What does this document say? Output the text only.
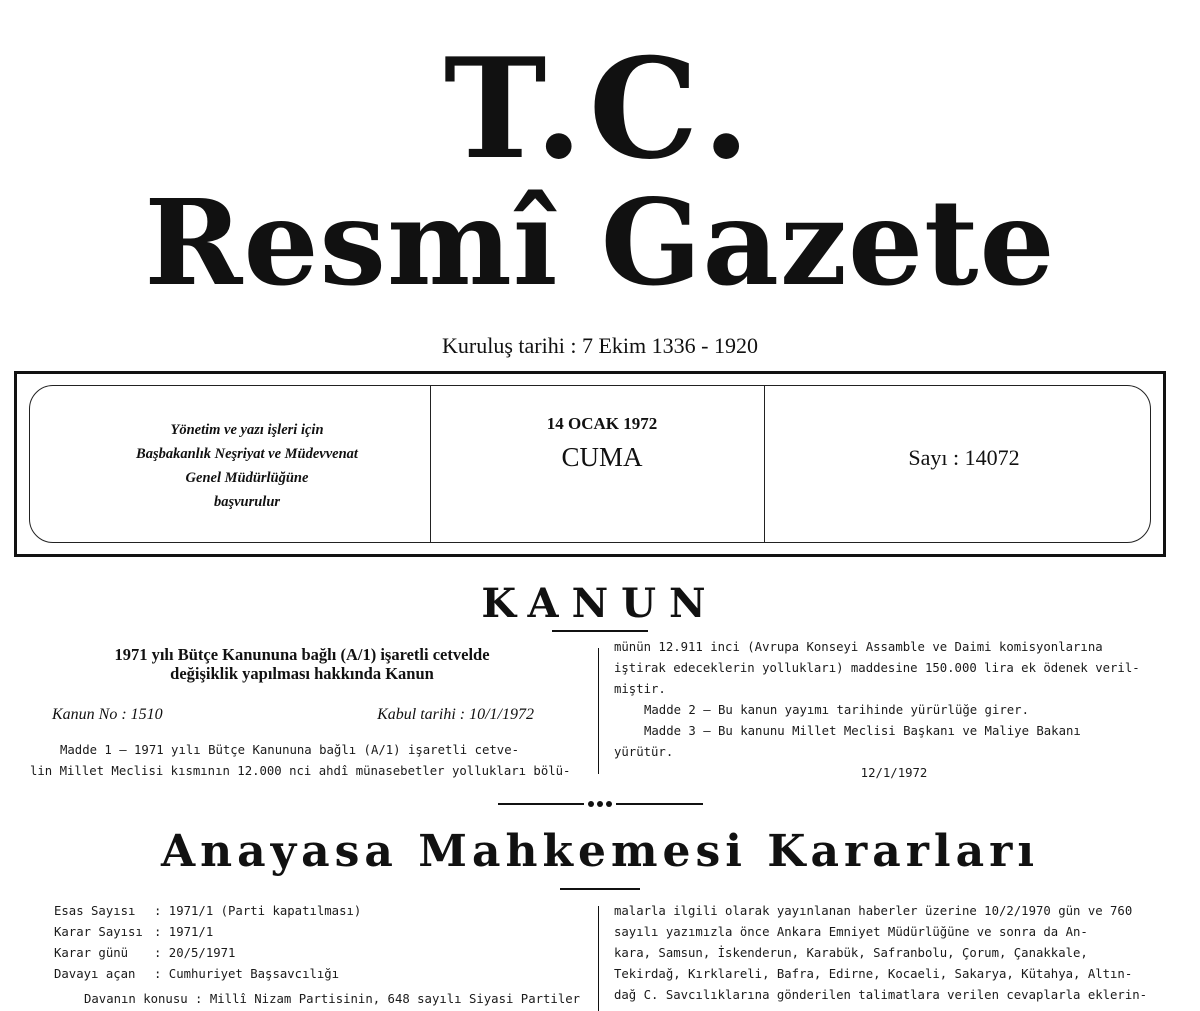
T.C.
Resmî Gazete
Kuruluş tarihi : 7 Ekim 1336 - 1920
Yönetim ve yazı işleri için
Başbakanlık Neşriyat ve Müdevvenat
Genel Müdürlüğüne
başvurulur
14 OCAK 1972
CUMA	Sayı : 14072
KANUN
1971 yılı Bütçe Kanununa bağlı (A/1) işaretli cetvelde
değişiklik yapılması hakkında Kanun
Kanun No : 1510	Kabul tarihi : 10/1/1972

Madde 1 — 1971 yılı Bütçe Kanununa bağlı (A/1) işaretli cetve-

lin Millet Meclisi kısmının 12.000 nci ahdî münasebetler yollukları bölü-

münün 12.911 inci (Avrupa Konseyi Assamble ve Daimi komisyonlarına

iştirak edeceklerin yollukları) maddesine 150.000 lira ek ödenek veril-

miştir.

Madde 2 — Bu kanun yayımı tarihinde yürürlüğe girer.

Madde 3 — Bu kanunu Millet Meclisi Başkanı ve Maliye Bakanı

yürütür.

12/1/1972

Anayasa Mahkemesi Kararları
Esas Sayısı	: 1971/1 (Parti kapatılması)
Karar Sayısı : 1971/1
Karar günü	: 20/5/1971
Davayı açan	: Cumhuriyet Başsavcılığı

Davanın konusu : Millî Nizam Partisinin, 648 sayılı Siyasi Partiler

malarla ilgili olarak yayınlanan haberler üzerine 10/2/1970 gün ve 760

sayılı yazımızla önce Ankara Emniyet Müdürlüğüne ve sonra da An-

kara, Samsun, İskenderun, Karabük, Safranbolu, Çorum, Çanakkale,

Tekirdağ, Kırklareli, Bafra, Edirne, Kocaeli, Sakarya, Kütahya, Altın-

dağ C. Savcılıklarına gönderilen talimatlara verilen cevaplarla eklerin-
